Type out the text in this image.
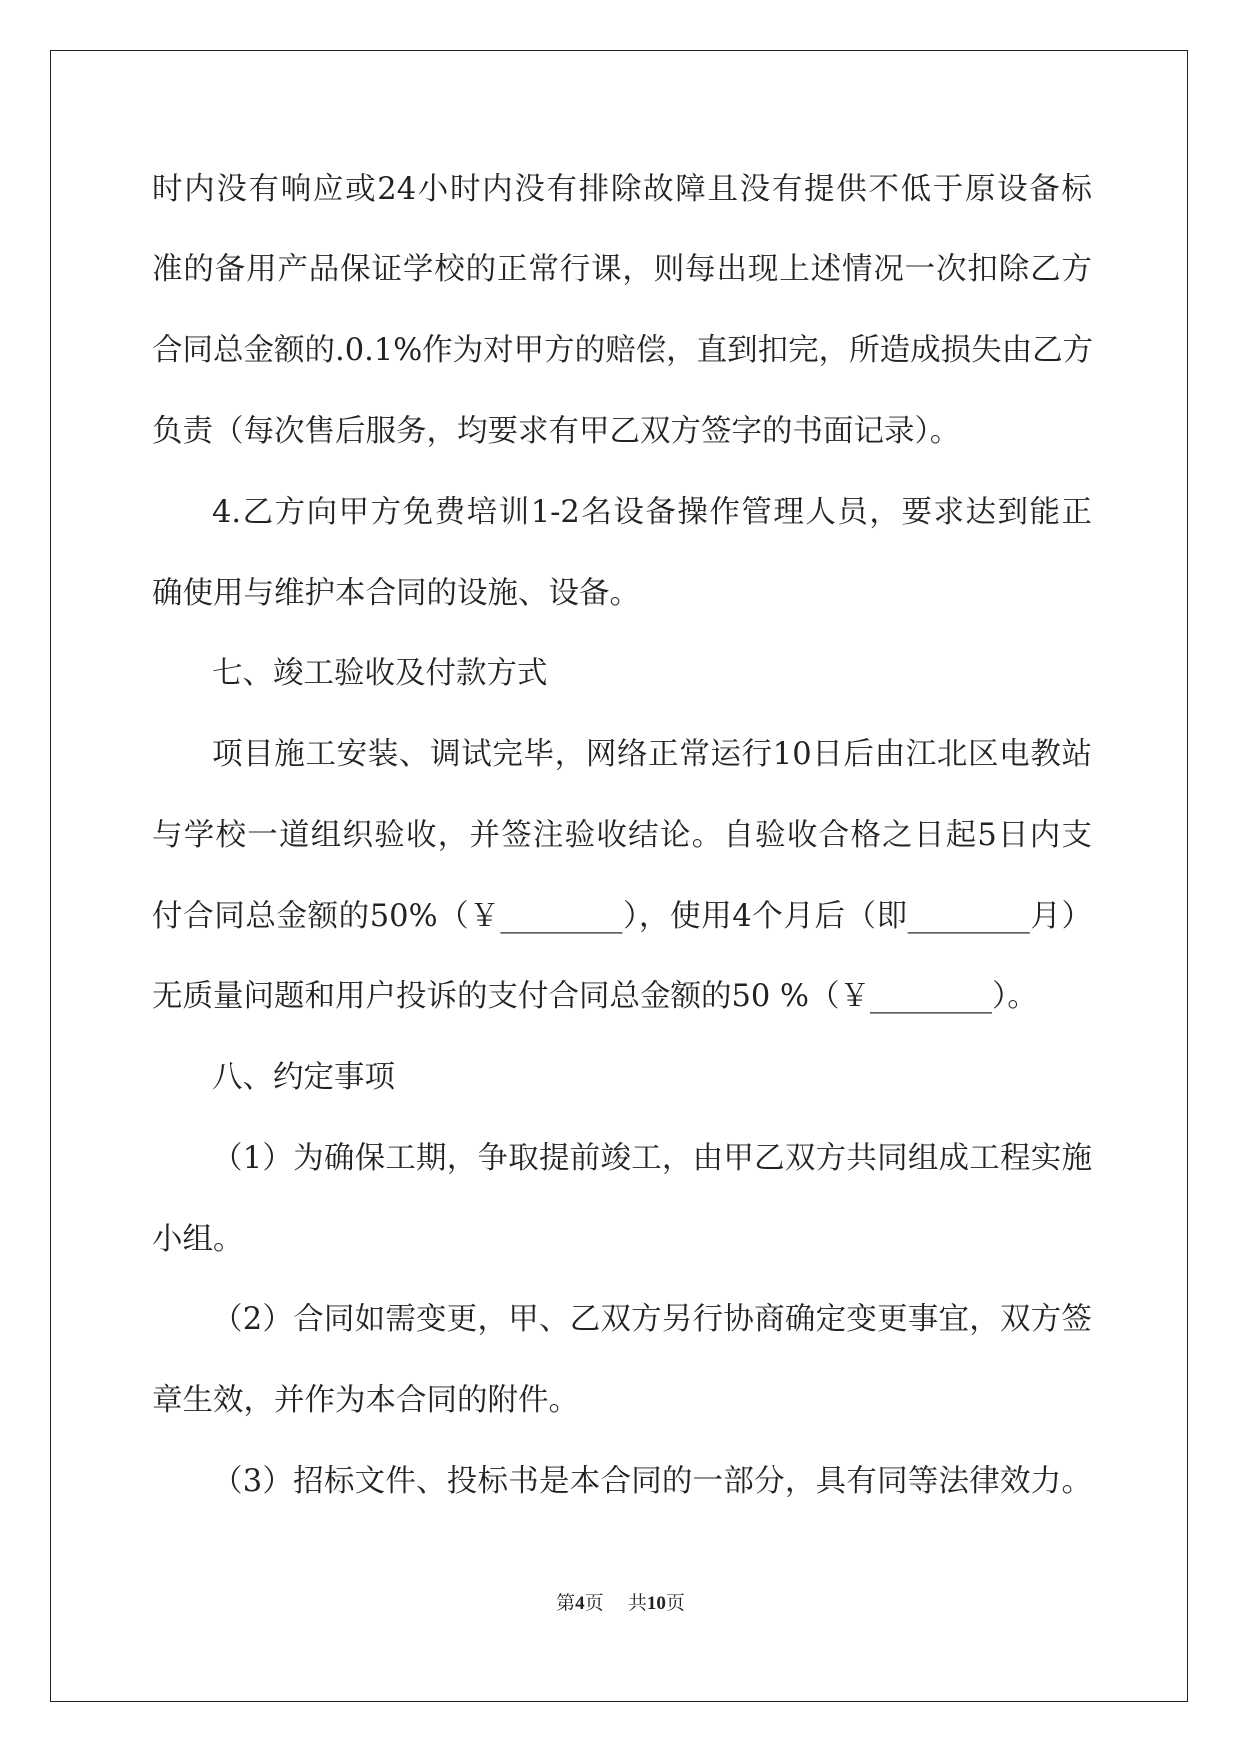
时内没有响应或24小时内没有排除故障且没有提供不低于原设备标
准的备用产品保证学校的正常行课，则每出现上述情况一次扣除乙方
合同总金额的.0.1%作为对甲方的赔偿，直到扣完，所造成损失由乙方
负责（每次售后服务，均要求有甲乙双方签字的书面记录）。
4.乙方向甲方免费培训1-2名设备操作管理人员，要求达到能正
确使用与维护本合同的设施、设备。
七、竣工验收及付款方式
项目施工安装、调试完毕，网络正常运行10日后由江北区电教站
与学校一道组织验收，并签注验收结论。自验收合格之日起5日内支
付合同总金额的50%（￥________），使用4个月后（即________月）
无质量问题和用户投诉的支付合同总金额的50 %（￥________）。
八、约定事项
（1）为确保工期，争取提前竣工，由甲乙双方共同组成工程实施
小组。
（2）合同如需变更，甲、乙双方另行协商确定变更事宜，双方签
章生效，并作为本合同的附件。
（3）招标文件、投标书是本合同的一部分，具有同等法律效力。
第4页 共10页
